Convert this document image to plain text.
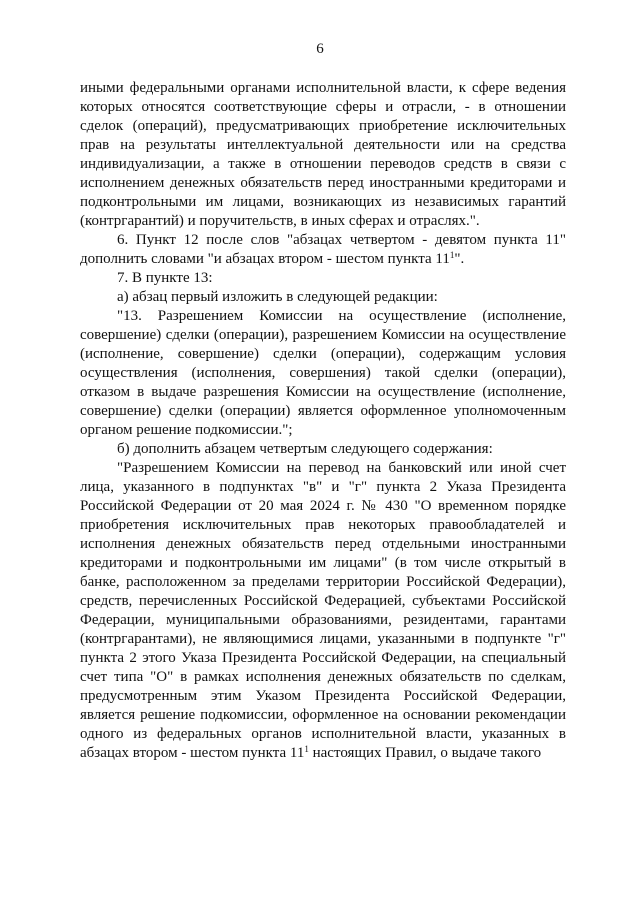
6

иными федеральными органами исполнительной власти, к сфере ведения которых относятся соответствующие сферы и отрасли, - в отношении сделок (операций), предусматривающих приобретение исключительных прав на результаты интеллектуальной деятельности или на средства индивидуализации, а также в отношении переводов средств в связи с исполнением денежных обязательств перед иностранными кредиторами и подконтрольными им лицами, возникающих из независимых гарантий (контргарантий) и поручительств, в иных сферах и отраслях.".

6. Пункт 12 после слов "абзацах четвертом - девятом пункта 11" дополнить словами "и абзацах втором - шестом пункта $11^1$".

7. В пункте 13:

а) абзац первый изложить в следующей редакции:

"13. Разрешением Комиссии на осуществление (исполнение, совершение) сделки (операции), разрешением Комиссии на осуществление (исполнение, совершение) сделки (операции), содержащим условия осуществления (исполнения, совершения) такой сделки (операции), отказом в выдаче разрешения Комиссии на осуществление (исполнение, совершение) сделки (операции) является оформленное уполномоченным органом решение подкомиссии.";

б) дополнить абзацем четвертым следующего содержания:

"Разрешением Комиссии на перевод на банковский или иной счет лица, указанного в подпунктах "в" и "г" пункта 2 Указа Президента Российской Федерации от 20 мая 2024 г. № 430 "О временном порядке приобретения исключительных прав некоторых правообладателей и исполнения денежных обязательств перед отдельными иностранными кредиторами и подконтрольными им лицами" (в том числе открытый в банке, расположенном за пределами территории Российской Федерации), средств, перечисленных Российской Федерацией, субъектами Российской Федерации, муниципальными образованиями, резидентами, гарантами (контргарантами), не являющимися лицами, указанными в подпункте "г" пункта 2 этого Указа Президента Российской Федерации, на специальный счет типа "О" в рамках исполнения денежных обязательств по сделкам, предусмотренным этим Указом Президента Российской Федерации, является решение подкомиссии, оформленное на основании рекомендации одного из федеральных органов исполнительной власти, указанных в абзацах втором - шестом пункта $11^1$ настоящих Правил, о выдаче такого
